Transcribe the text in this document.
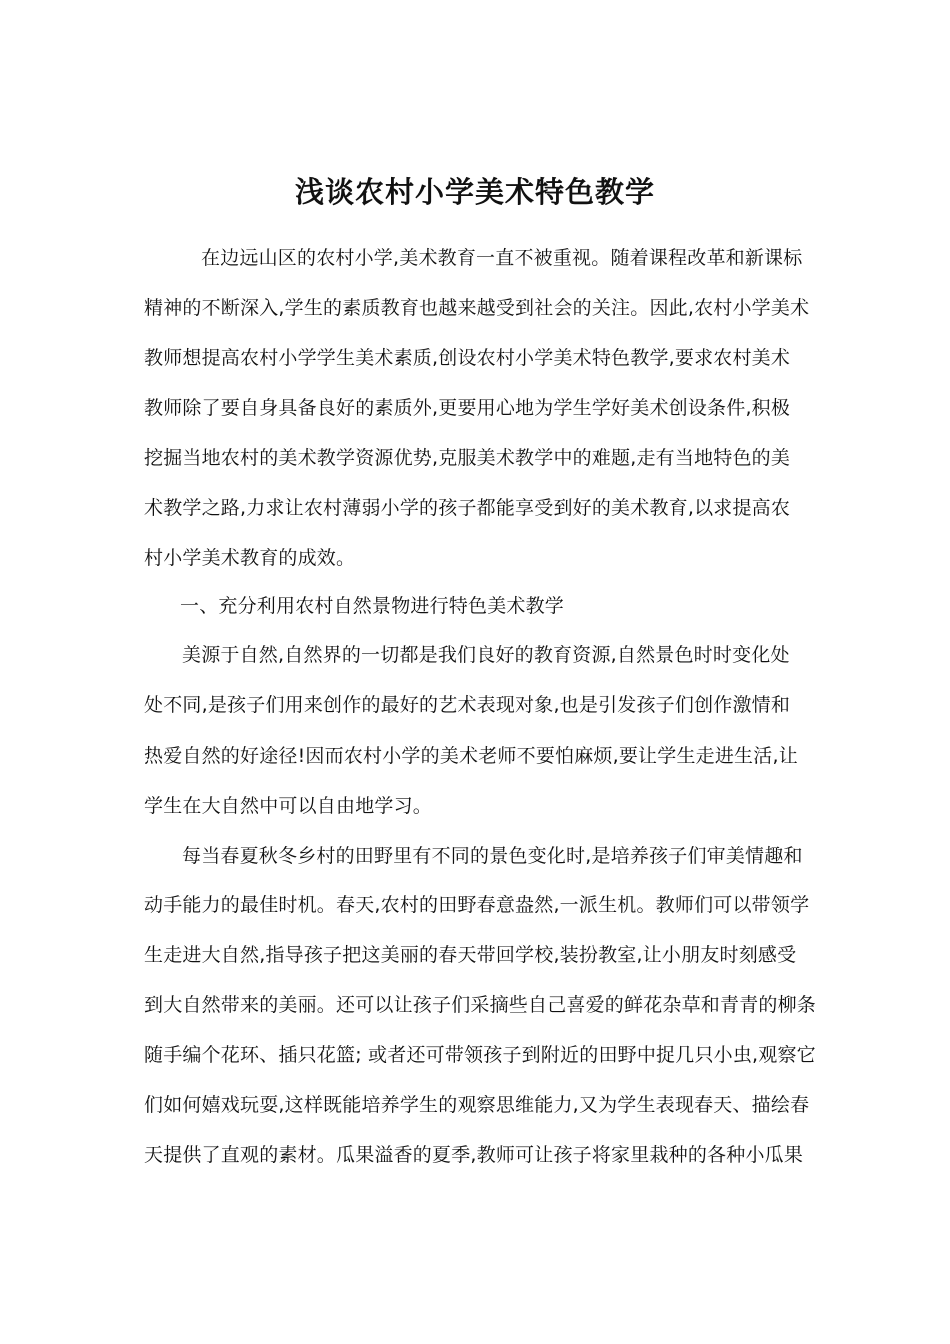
浅谈农村小学美术特色教学
在边远山区的农村小学,美术教育一直不被重视。随着课程改革和新课标
精神的不断深入,学生的素质教育也越来越受到社会的关注。因此,农村小学美术
教师想提高农村小学学生美术素质,创设农村小学美术特色教学,要求农村美术
教师除了要自身具备良好的素质外,更要用心地为学生学好美术创设条件,积极
挖掘当地农村的美术教学资源优势,克服美术教学中的难题,走有当地特色的美
术教学之路,力求让农村薄弱小学的孩子都能享受到好的美术教育,以求提高农
村小学美术教育的成效。
一、充分利用农村自然景物进行特色美术教学
美源于自然,自然界的一切都是我们良好的教育资源,自然景色时时变化处
处不同,是孩子们用来创作的最好的艺术表现对象,也是引发孩子们创作激情和
热爱自然的好途径!因而农村小学的美术老师不要怕麻烦,要让学生走进生活,让
学生在大自然中可以自由地学习。
每当春夏秋冬乡村的田野里有不同的景色变化时,是培养孩子们审美情趣和
动手能力的最佳时机。春天,农村的田野春意盎然,一派生机。教师们可以带领学
生走进大自然,指导孩子把这美丽的春天带回学校,装扮教室,让小朋友时刻感受
到大自然带来的美丽。还可以让孩子们采摘些自己喜爱的鲜花杂草和青青的柳条
随手编个花环、插只花篮; 或者还可带领孩子到附近的田野中捉几只小虫,观察它
们如何嬉戏玩耍,这样既能培养学生的观察思维能力,又为学生表现春天、描绘春
天提供了直观的素材。瓜果溢香的夏季,教师可让孩子将家里栽种的各种小瓜果
